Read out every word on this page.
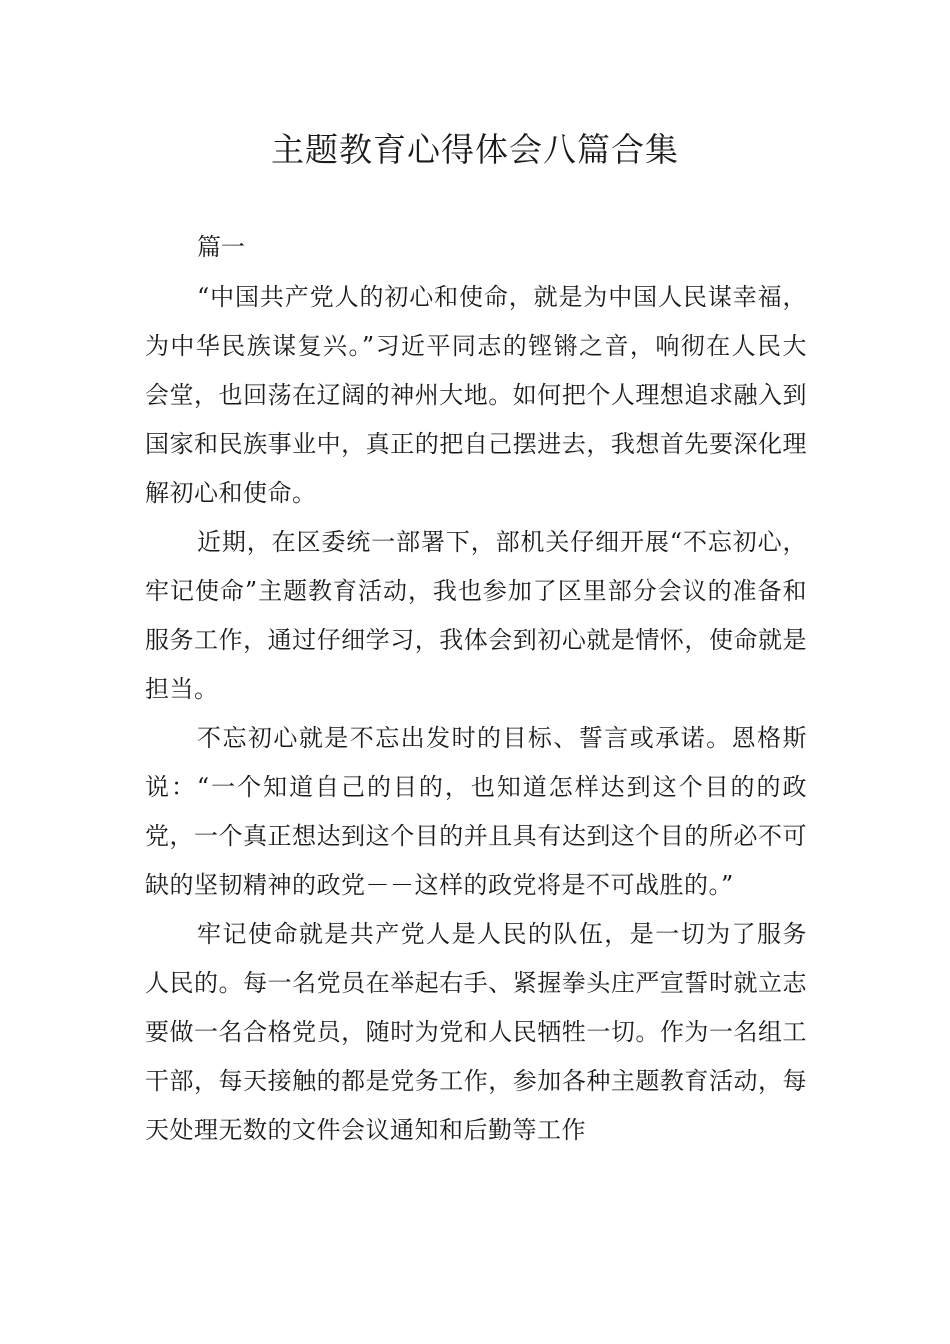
主题教育心得体会八篇合集

篇一

“中国共产党人的初心和使命，就是为中国人民谋幸福，为中华民族谋复兴。”习近平同志的铿锵之音，响彻在人民大会堂，也回荡在辽阔的神州大地。如何把个人理想追求融入到国家和民族事业中，真正的把自己摆进去，我想首先要深化理解初心和使命。

近期，在区委统一部署下，部机关仔细开展“不忘初心，牢记使命”主题教育活动，我也参加了区里部分会议的准备和服务工作，通过仔细学习，我体会到初心就是情怀，使命就是担当。

不忘初心就是不忘出发时的目标、誓言或承诺。恩格斯说：“一个知道自己的目的，也知道怎样达到这个目的的政党，一个真正想达到这个目的并且具有达到这个目的所必不可缺的坚韧精神的政党－－这样的政党将是不可战胜的。”

牢记使命就是共产党人是人民的队伍，是一切为了服务人民的。每一名党员在举起右手、紧握拳头庄严宣誓时就立志要做一名合格党员，随时为党和人民牺牲一切。作为一名组工干部，每天接触的都是党务工作，参加各种主题教育活动，每天处理无数的文件会议通知和后勤等工作
